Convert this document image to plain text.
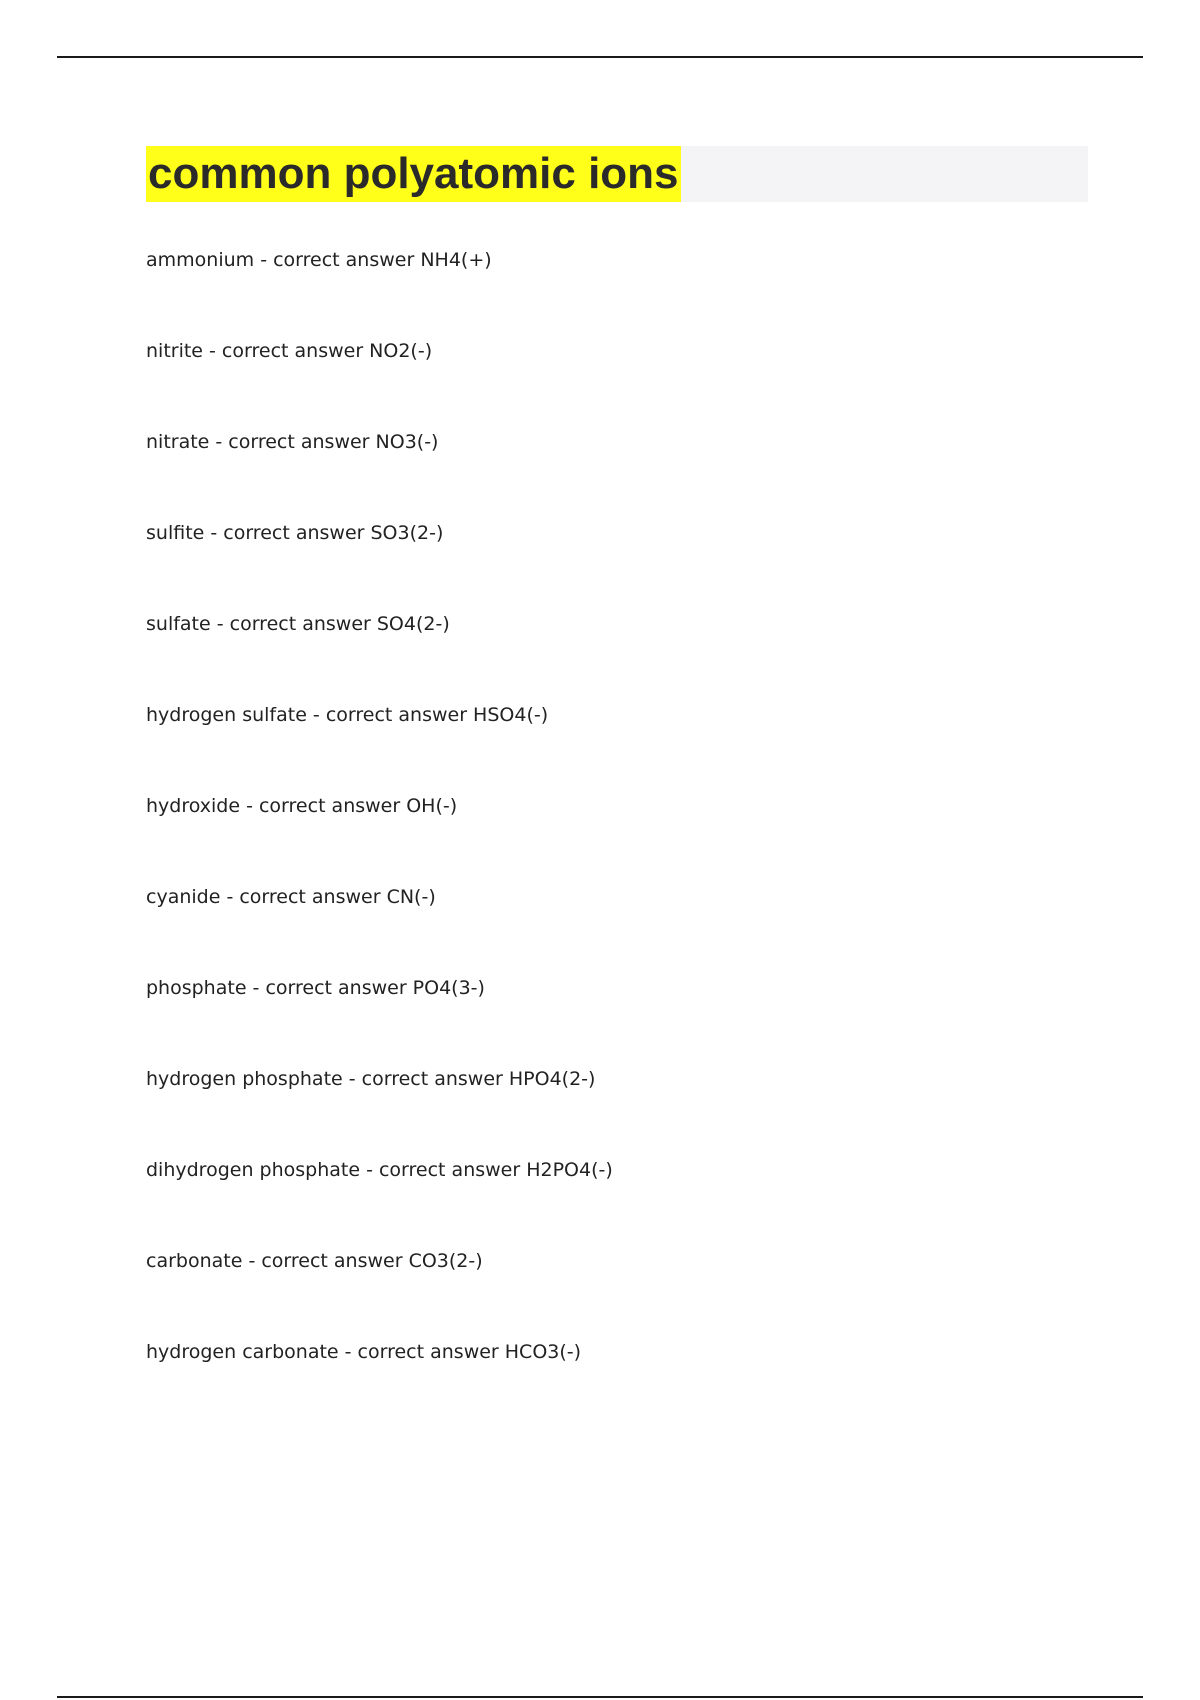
common polyatomic ions
ammonium - correct answer NH4(+)
nitrite - correct answer NO2(-)
nitrate - correct answer NO3(-)
sulfite - correct answer SO3(2-)
sulfate - correct answer SO4(2-)
hydrogen sulfate - correct answer HSO4(-)
hydroxide - correct answer OH(-)
cyanide - correct answer CN(-)
phosphate - correct answer PO4(3-)
hydrogen phosphate - correct answer HPO4(2-)
dihydrogen phosphate - correct answer H2PO4(-)
carbonate - correct answer CO3(2-)
hydrogen carbonate - correct answer HCO3(-)
